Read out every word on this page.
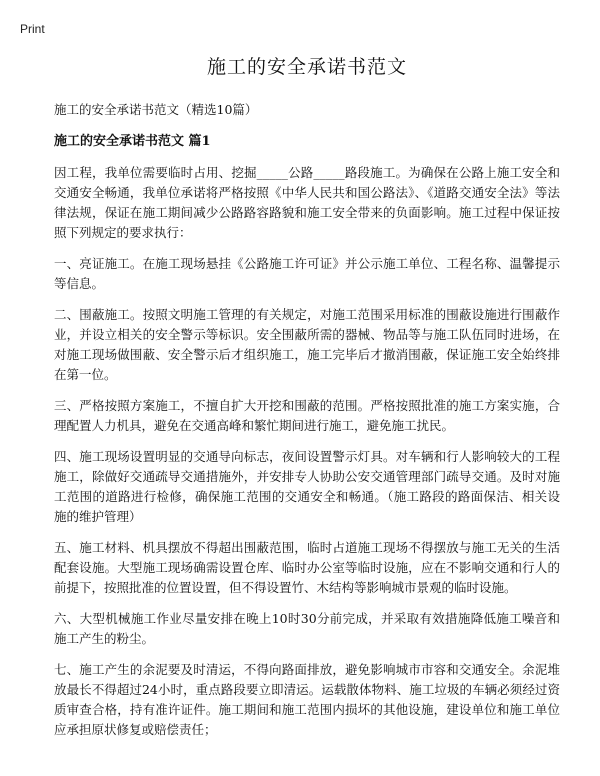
Print
施工的安全承诺书范文
施工的安全承诺书范文（精选10篇）
施工的安全承诺书范文 篇1
因工程，我单位需要临时占用、挖掘_____公路_____路段施工。为确保在公路上施工安全和交通安全畅通，我单位承诺将严格按照《中华人民共和国公路法》、《道路交通安全法》等法律法规，保证在施工期间减少公路路容路貌和施工安全带来的负面影响。施工过程中保证按照下列规定的要求执行：
一、亮证施工。在施工现场悬挂《公路施工许可证》并公示施工单位、工程名称、温馨提示等信息。
二、围蔽施工。按照文明施工管理的有关规定，对施工范围采用标准的围蔽设施进行围蔽作业，并设立相关的安全警示等标识。安全围蔽所需的器械、物品等与施工队伍同时进场，在对施工现场做围蔽、安全警示后才组织施工，施工完毕后才撤消围蔽，保证施工安全始终排在第一位。
三、严格按照方案施工，不擅自扩大开挖和围蔽的范围。严格按照批准的施工方案实施，合理配置人力机具，避免在交通高峰和繁忙期间进行施工，避免施工扰民。
四、施工现场设置明显的交通导向标志，夜间设置警示灯具。对车辆和行人影响较大的工程施工，除做好交通疏导交通措施外，并安排专人协助公安交通管理部门疏导交通。及时对施工范围的道路进行检修，确保施工范围的交通安全和畅通。（施工路段的路面保洁、相关设施的维护管理）
五、施工材料、机具摆放不得超出围蔽范围，临时占道施工现场不得摆放与施工无关的生活配套设施。大型施工现场确需设置仓库、临时办公室等临时设施，应在不影响交通和行人的前提下，按照批准的位置设置，但不得设置竹、木结构等影响城市景观的临时设施。
六、大型机械施工作业尽量安排在晚上10时30分前完成，并采取有效措施降低施工噪音和施工产生的粉尘。
七、施工产生的余泥要及时清运，不得向路面排放，避免影响城市市容和交通安全。余泥堆放最长不得超过24小时，重点路段要立即清运。运载散体物料、施工垃圾的车辆必须经过资质审查合格，持有准许证件。施工期间和施工范围内损坏的其他设施，建设单位和施工单位应承担原状修复或赔偿责任；
